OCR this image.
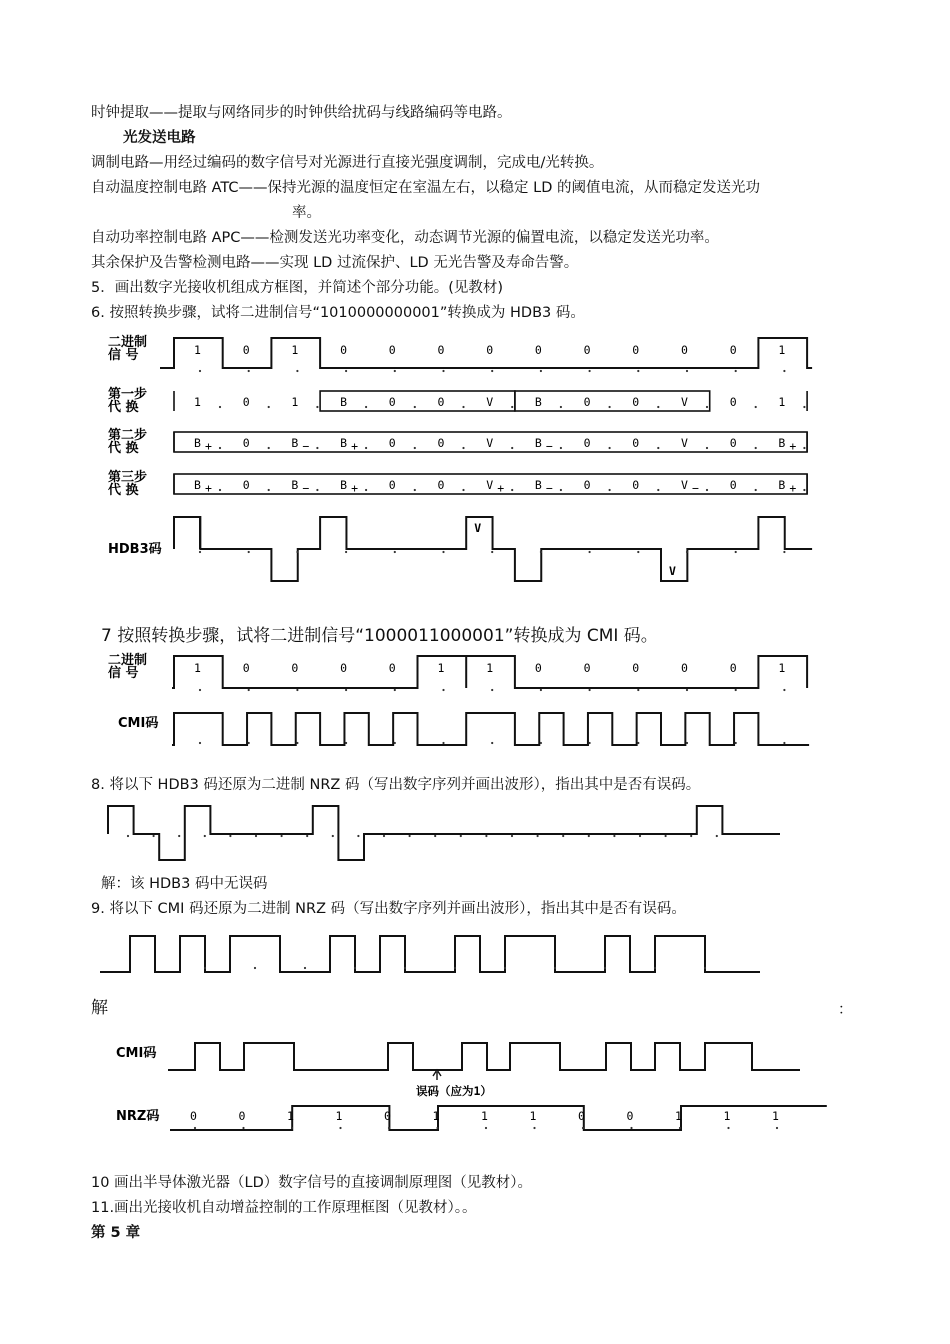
时钟提取——提取与网络同步的时钟供给扰码与线路编码等电路。
光发送电路
调制电路—用经过编码的数字信号对光源进行直接光强度调制，完成电/光转换。
自动温度控制电路 ATC——保持光源的温度恒定在室温左右，以稳定 LD 的阈值电流，从而稳定发送光功
率。
自动功率控制电路 APC——检测发送光功率变化，动态调节光源的偏置电流，以稳定发送光功率。
其余保护及告警检测电路——实现 LD 过流保护、LD 无光告警及寿命告警。
5．画出数字光接收机组成方框图，并简述个部分功能。(见教材)
6. 按照转换步骤，试将二进制信号“1010000000001”转换成为 HDB3 码。
1	0	1	0	0	0	0	0	0	0	0	0	1
二进制
信 号
1	0	1	B	0	0	V	B	0	0	V	0	1
第一步
代 换
B +	0	B −	B +	0	0	V	B −	0	0	V	0	B +
第二步
代 换
B +	0	B −	B +	0	0	V +	B −	0	0	V −	0	B +
第三步
代 换
HDB3码
V
V
1	0	0	0	0	1	1	0	0	0	0	0	1
二进制
信 号
CMI码
CMI码
误码（应为1）
0	0	1	1	0	1	1	1	0	0	1	1	1
NRZ码
7 按照转换步骤，试将二进制信号“1000011000001”转换成为 CMI 码。
8. 将以下 HDB3 码还原为二进制 NRZ 码（写出数字序列并画出波形），指出其中是否有误码。
解：该 HDB3 码中无误码
9. 将以下 CMI 码还原为二进制 NRZ 码（写出数字序列并画出波形），指出其中是否有误码。
解	：
10 画出半导体激光器（LD）数字信号的直接调制原理图（见教材）。
11.画出光接收机自动增益控制的工作原理框图（见教材）。。
第 5 章
